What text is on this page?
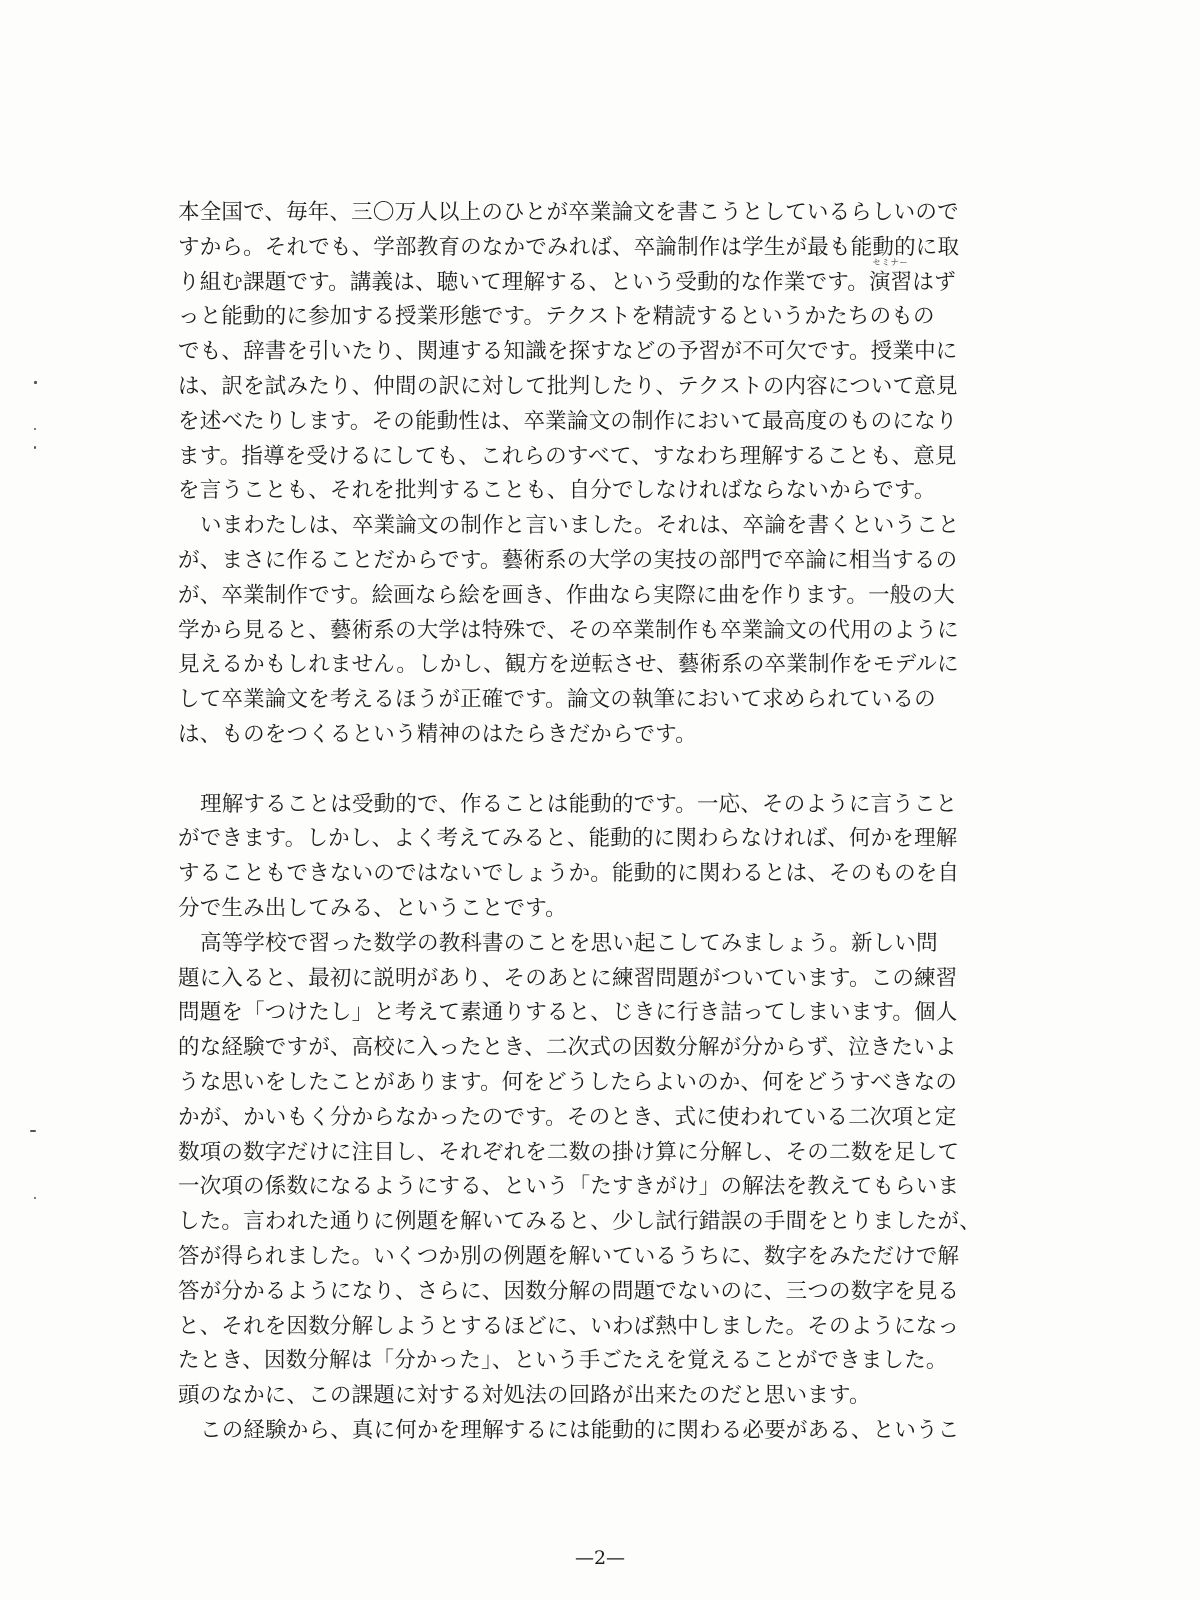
本全国で、毎年、三〇万人以上のひとが卒業論文を書こうとしているらしいので
すから。それでも、学部教育のなかでみれば、卒論制作は学生が最も能動的に取
り組む課題です。講義は、聴いて理解する、という受動的な作業です。
セミナー
演習はず
っと能動的に参加する授業形態です。テクストを精読するというかたちのもの
でも、辞書を引いたり、関連する知識を探すなどの予習が不可欠です。授業中に
は、訳を試みたり、仲間の訳に対して批判したり、テクストの内容について意見
を述べたりします。その能動性は、卒業論文の制作において最高度のものになり
ます。指導を受けるにしても、これらのすべて、すなわち理解することも、意見
を言うことも、それを批判することも、自分でしなければならないからです。
いまわたしは、卒業論文の制作と言いました。それは、卒論を書くということ
が、まさに作ることだからです。藝術系の大学の実技の部門で卒論に相当するの
が、卒業制作です。絵画なら絵を画き、作曲なら実際に曲を作ります。一般の大
学から見ると、藝術系の大学は特殊で、その卒業制作も卒業論文の代用のように
見えるかもしれません。しかし、観方を逆転させ、藝術系の卒業制作をモデルに
して卒業論文を考えるほうが正確です。論文の執筆において求められているの
は、ものをつくるという精神のはたらきだからです。
理解することは受動的で、作ることは能動的です。一応、そのように言うこと
ができます。しかし、よく考えてみると、能動的に関わらなければ、何かを理解
することもできないのではないでしょうか。能動的に関わるとは、そのものを自
分で生み出してみる、ということです。
高等学校で習った数学の教科書のことを思い起こしてみましょう。新しい問
題に入ると、最初に説明があり、そのあとに練習問題がついています。この練習
問題を「つけたし」と考えて素通りすると、じきに行き詰ってしまいます。個人
的な経験ですが、高校に入ったとき、二次式の因数分解が分からず、泣きたいよ
うな思いをしたことがあります。何をどうしたらよいのか、何をどうすべきなの
かが、かいもく分からなかったのです。そのとき、式に使われている二次項と定
数項の数字だけに注目し、それぞれを二数の掛け算に分解し、その二数を足して
一次項の係数になるようにする、という「たすきがけ」の解法を教えてもらいま
した。言われた通りに例題を解いてみると、少し試行錯誤の手間をとりましたが、
答が得られました。いくつか別の例題を解いているうちに、数字をみただけで解
答が分かるようになり、さらに、因数分解の問題でないのに、三つの数字を見る
と、それを因数分解しようとするほどに、いわば熱中しました。そのようになっ
たとき、因数分解は「分かった」、という手ごたえを覚えることができました。
頭のなかに、この課題に対する対処法の回路が出来たのだと思います。
この経験から、真に何かを理解するには能動的に関わる必要がある、というこ
—2—
